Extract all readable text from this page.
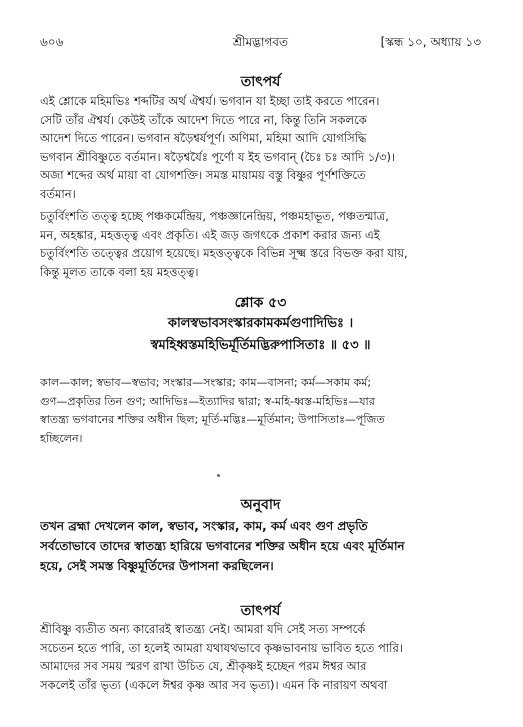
৬০৬	শ্রীমদ্ভাগবত	[স্কন্ধ ১০, অধ্যায় ১৩
তাৎপর্য
এই শ্লোকে মহিমভিঃ শব্দটির অর্থ ঐশ্বর্য। ভগবান যা ইচ্ছা তাই করতে পারেন।
সেটি তাঁর ঐশ্বর্য। কেউই তাঁকে আদেশ দিতে পারে না, কিন্তু তিনি সকলকে
আদেশ দিতে পারেন। ভগবান ষড়ৈশ্বর্যপূর্ণ। অণিমা, মহিমা আদি যোগসিদ্ধি
ভগবান শ্রীবিষ্ণুতে বর্তমান। ষড়ৈশ্বর্যৈঃ পূর্ণো য ইহ ভগবান্ (চৈঃ চঃ আদি ১/৩)।
অজা শব্দের অর্থ মায়া বা যোগশক্তি। সমস্ত মায়াময় বস্তু বিষ্ণুর পূর্ণশক্তিতে
বর্তমান।
চতুর্বিংশতি তত্ত্ব হচ্ছে পঞ্চকর্মেন্দ্রিয়, পঞ্চজ্ঞানেন্দ্রিয়, পঞ্চমহাভূত, পঞ্চতন্মাত্র,
মন, অহঙ্কার, মহত্তত্ত্ব এবং প্রকৃতি। এই জড় জগৎকে প্রকাশ করার জন্য এই
চতুর্বিংশতি তত্ত্বের প্রয়োগ হয়েছে। মহত্তত্ত্বকে বিভিন্ন সূক্ষ্ম স্তরে বিভক্ত করা যায়,
কিন্তু মূলত তাকে বলা হয় মহত্তত্ত্ব।
শ্লোক ৫৩
কালস্বভাবসংস্কারকামকর্মগুণাদিভিঃ ।
স্বমহিধ্বস্তমহিভির্মূর্তিমদ্ভিরুপাসিতাঃ ॥ ৫৩ ॥
কাল—কাল; স্বভাব—স্বভাব; সংস্কার—সংস্কার; কাম—বাসনা; কর্ম—সকাম কর্ম;
গুণ—প্রকৃতির তিন গুণ; আদিভিঃ—ইত্যাদির দ্বারা; স্ব-মহি-ধ্বস্ত-মহিভিঃ—যার
স্বাতন্ত্র্য ভগবানের শক্তির অধীন ছিল; মূর্তি-মদ্ভিঃ—মূর্তিমান; উপাসিতাঃ—পূজিত
হচ্ছিলেন।
অনুবাদ
তখন ব্রহ্মা দেখলেন কাল, স্বভাব, সংস্কার, কাম, কর্ম এবং গুণ প্রভৃতি
সর্বতোভাবে তাদের স্বাতন্ত্র্য হারিয়ে ভগবানের শক্তির অধীন হয়ে এবং মূর্তিমান
হয়ে, সেই সমস্ত বিষ্ণুমূর্তিদের উপাসনা করছিলেন।
তাৎপর্য
শ্রীবিষ্ণু ব্যতীত অন্য কারোরই স্বাতন্ত্র্য নেই। আমরা যদি সেই সত্য সম্পর্কে
সচেতন হতে পারি, তা হলেই আমরা যথাযথভাবে কৃষ্ণভাবনায় ভাবিত হতে পারি।
আমাদের সব সময় স্মরণ রাখা উচিত যে, শ্রীকৃষ্ণই হচ্ছেন পরম ঈশ্বর আর
সকলেই তাঁর ভৃত্য (একলে ঈশ্বর কৃষ্ণ আর সব ভৃত্য)। এমন কি নারায়ণ অথবা
